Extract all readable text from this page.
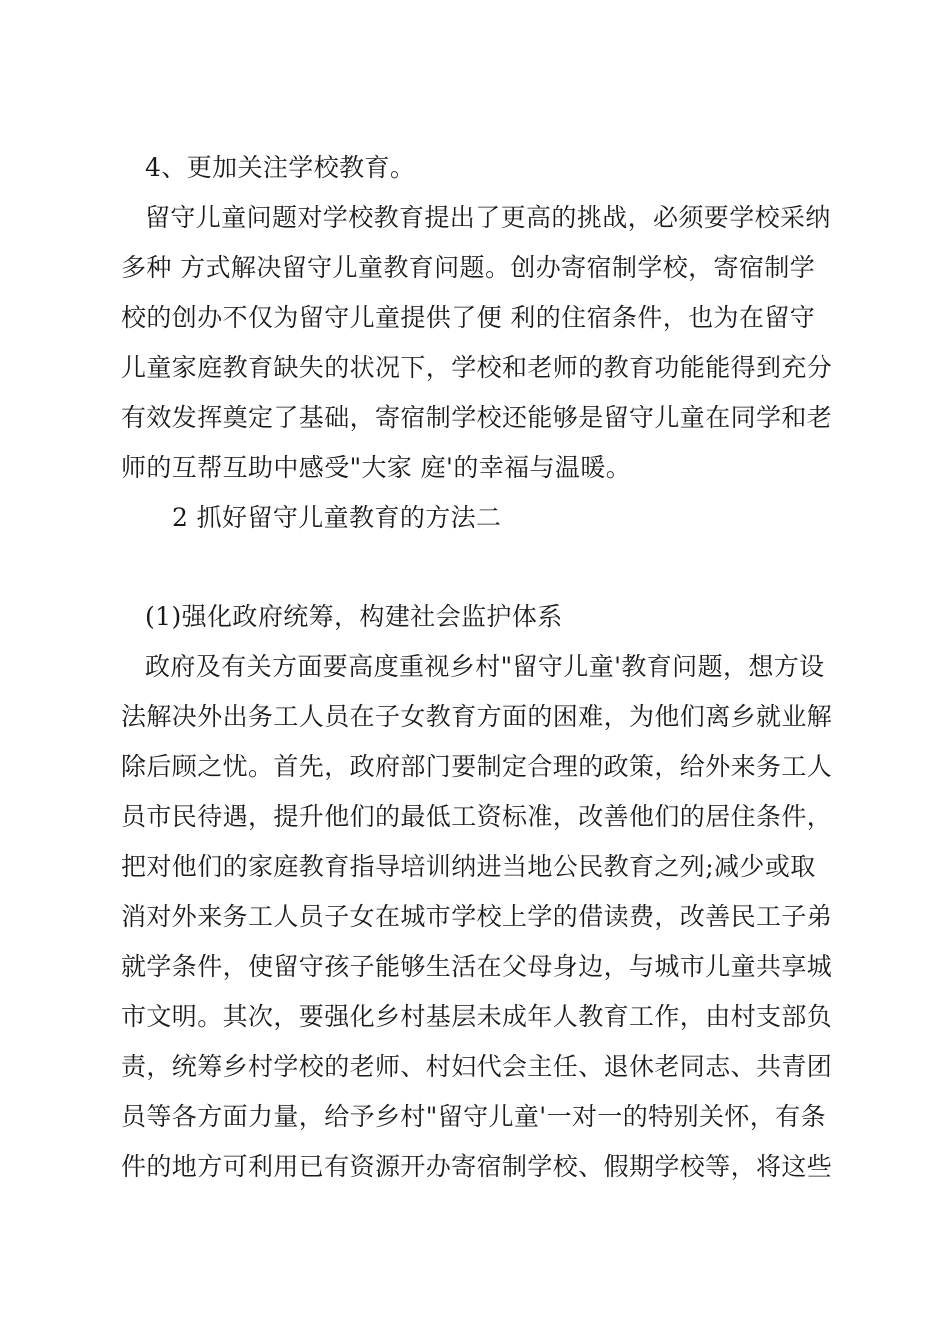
4、更加关注学校教育。
留守儿童问题对学校教育提出了更高的挑战，必须要学校采纳
多种 方式解决留守儿童教育问题。创办寄宿制学校，寄宿制学
校的创办不仅为留守儿童提供了便 利的住宿条件，也为在留守
儿童家庭教育缺失的状况下，学校和老师的教育功能能得到充分
有效发挥奠定了基础，寄宿制学校还能够是留守儿童在同学和老
师的互帮互助中感受"大家 庭'的幸福与温暖。
2 抓好留守儿童教育的方法二
(1)强化政府统筹，构建社会监护体系
政府及有关方面要高度重视乡村"留守儿童'教育问题，想方设
法解决外出务工人员在子女教育方面的困难，为他们离乡就业解
除后顾之忧。首先，政府部门要制定合理的政策，给外来务工人
员市民待遇，提升他们的最低工资标准，改善他们的居住条件，
把对他们的家庭教育指导培训纳进当地公民教育之列;减少或取
消对外来务工人员子女在城市学校上学的借读费，改善民工子弟
就学条件，使留守孩子能够生活在父母身边，与城市儿童共享城
市文明。其次，要强化乡村基层未成年人教育工作，由村支部负
责，统筹乡村学校的老师、村妇代会主任、退休老同志、共青团
员等各方面力量，给予乡村"留守儿童'一对一的特别关怀，有条
件的地方可利用已有资源开办寄宿制学校、假期学校等，将这些
